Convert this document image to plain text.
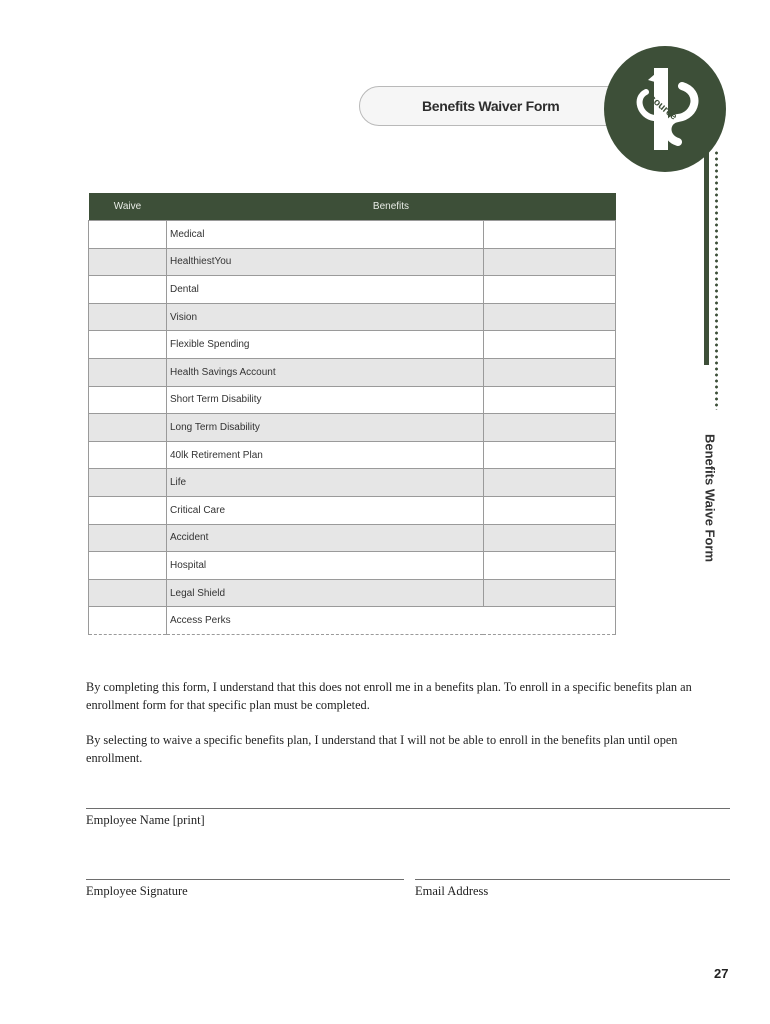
Benefits Waiver Form	source
Benefits Waive Form
Waive	Benefits	
	Medical	
	HealthiestYou	
	Dental	
	Vision	
	Flexible Spending	
	Health Savings Account	
	Short Term Disability	
	Long Term Disability	
	40lk Retirement Plan	
	Life	
	Critical Care	
	Accident	
	Hospital	
	Legal Shield	
	Access Perks	
By completing this form, I understand that this does not enroll me in a benefits plan. To enroll in a specific benefits plan an enrollment form for that specific plan must be completed.
By selecting to waive a specific benefits plan, I understand that I will not be able to enroll in the benefits plan until open enrollment.
Employee Name [print]
Employee Signature	Email Address
27
